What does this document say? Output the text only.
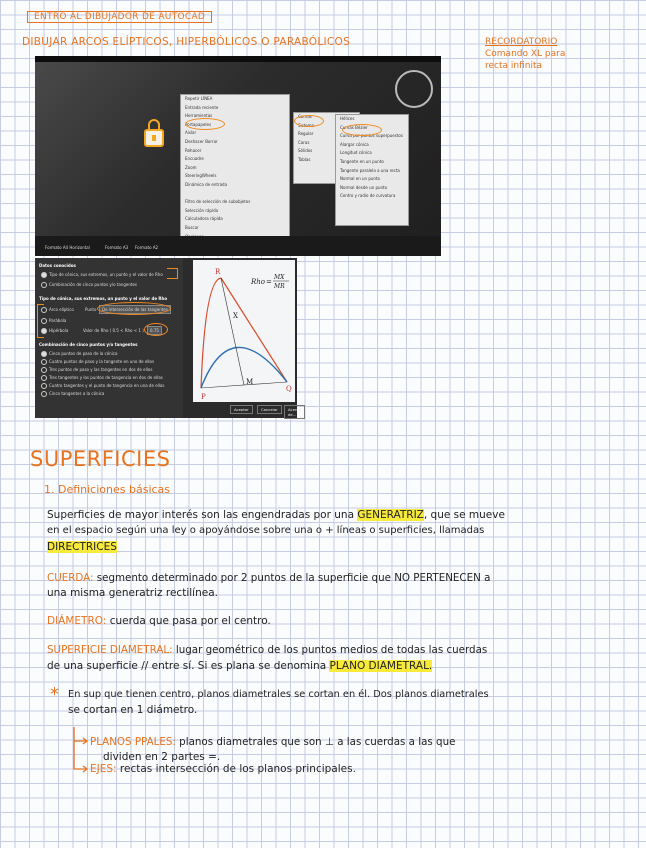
ENTRO AL DIBUJADOR DE AUTOCAD
DIBUJAR ARCOS ELÍPTICOS, HIPERBÓLICOS O PARABÓLICOS	RECORDATORIO
Comando XL para
recta infinita
Repetir LÍNEA
Entrada reciente
Herramientas
Portapapeles
Aislar
Deshacer Borrar
Rehacer
Encuadre
Zoom
SteeringWheels
Dinámica de entrada
Filtro de selección de subobjetos
Selección rápida
Calculadora rápida
Buscar
Curvas
Sistema
Regular
Caras
Sólidos
Tablas
Hélices
Curvas Bézier
Curva por puntos superpuestos
Alargar cónica
Longitud cónica
Tangente en un punto
Tangente paralela a una recta
Normal en un punto
Normal desde un punto
Centro y radio de curvatura
Formato A4 Horizontal	Formato A3 Formato A2
Datos conocidos
Tipo de cónica, sus extremos, un punto y el valor de Rho
Combinación de cinco puntos y/o tangentes
Tipo de cónica, sus extremos, un punto y el valor de Rho
Arco elíptico	Punto	De intersección de las tangentes
Parábola
Hipérbola	Valor de Rho ( 0.5 < Rho < 1 )	0.75
Combinación de cinco puntos y/o tangentes
Cinco puntos de paso de la cónica
Cuatro puntos de paso y la tangente en uno de ellos
Tres puntos de paso y las tangentes en dos de ellos
Tres tangentes y los puntos de tangencia en dos de ellas
Cuatro tangentes y el punto de tangencia en una de ellas
Cinco tangentes a la cónica
Aceptar	Cancelar	Acerca de...
R
X
M
P
Q
Rho =
MX
MR
SUPERFICIES
1. Definiciones básicas
Superficies de mayor interés son las engendradas por una GENERATRIZ, que se mueve
en el espacio según una ley o apoyándose sobre una o + líneas o superficies, llamadas
DIRECTRICES
CUERDA: segmento determinado por 2 puntos de la superficie que NO PERTENECEN a
una misma generatriz rectilínea.
DIÁMETRO: cuerda que pasa por el centro.
SUPERFICIE DIAMETRAL: lugar geométrico de los puntos medios de todas las cuerdas
de una superficie // entre sí. Si es plana se denomina PLANO DIAMETRAL.
* En sup que tienen centro, planos diametrales se cortan en él. Dos planos diametrales
se cortan en 1 diámetro.
PLANOS PPALES: planos diametrales que son ⊥ a las cuerdas a las que
dividen en 2 partes =.
EJES: rectas intersección de los planos principales.
